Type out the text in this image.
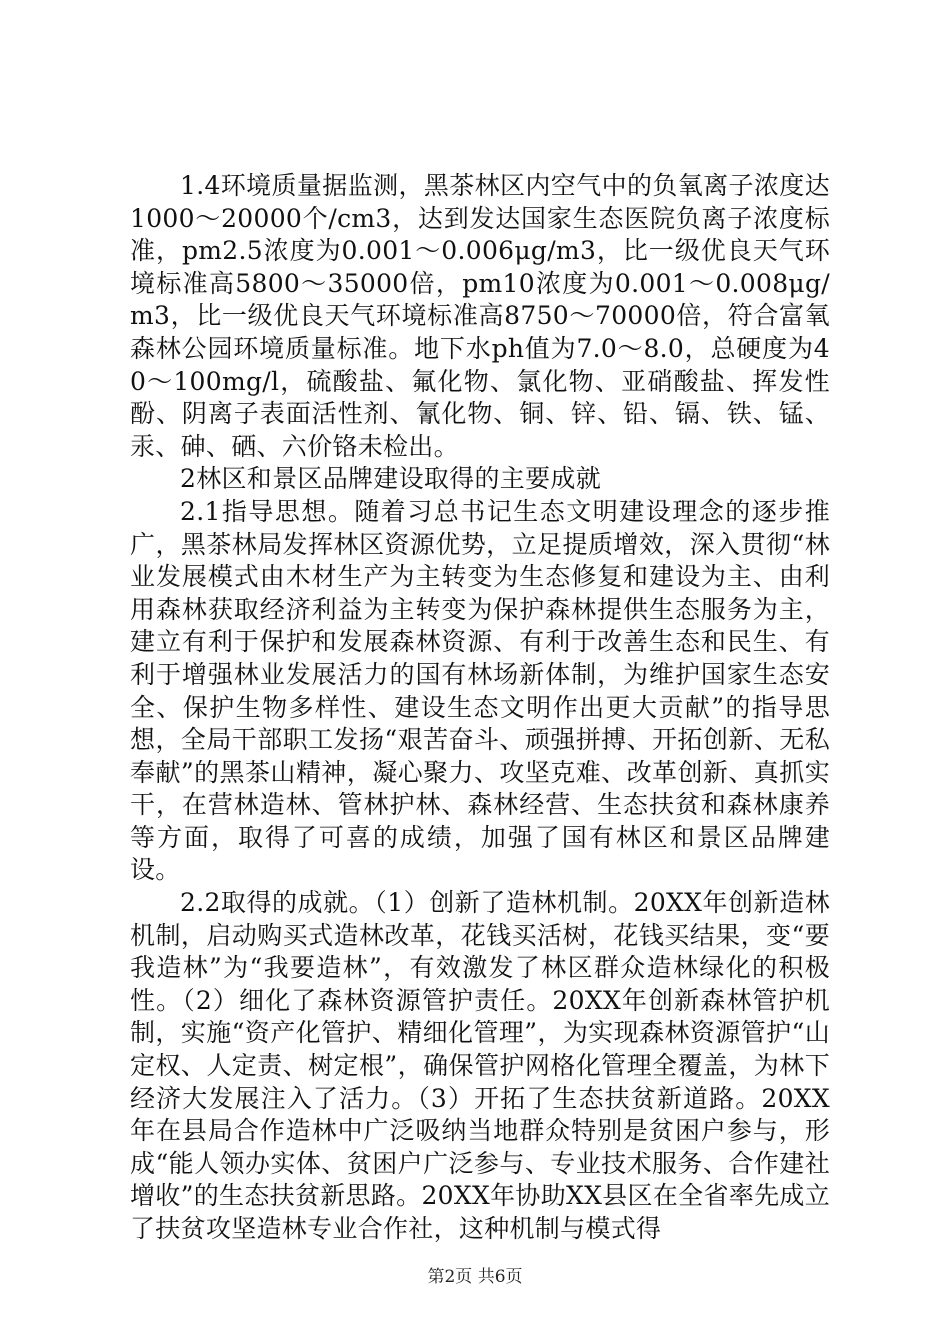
1.4环境质量据监测，黑茶林区内空气中的负氧离子浓度达1000～20000个/cm3，达到发达国家生态医院负离子浓度标准，pm2.5浓度为0.001～0.006μg/m3，比一级优良天气环境标准高5800～35000倍，pm10浓度为0.001～0.008μg/m3，比一级优良天气环境标准高8750～70000倍，符合富氧森林公园环境质量标准。地下水ph值为7.0～8.0，总硬度为40～100mg/l，硫酸盐、氟化物、氯化物、亚硝酸盐、挥发性酚、阴离子表面活性剂、氰化物、铜、锌、铅、镉、铁、锰、汞、砷、硒、六价铬未检出。

2林区和景区品牌建设取得的主要成就

2.1指导思想。随着习总书记生态文明建设理念的逐步推广，黑茶林局发挥林区资源优势，立足提质增效，深入贯彻“林业发展模式由木材生产为主转变为生态修复和建设为主、由利用森林获取经济利益为主转变为保护森林提供生态服务为主，建立有利于保护和发展森林资源、有利于改善生态和民生、有利于增强林业发展活力的国有林场新体制，为维护国家生态安全、保护生物多样性、建设生态文明作出更大贡献”的指导思想，全局干部职工发扬“艰苦奋斗、顽强拼搏、开拓创新、无私奉献”的黑茶山精神，凝心聚力、攻坚克难、改革创新、真抓实干，在营林造林、管林护林、森林经营、生态扶贫和森林康养等方面，取得了可喜的成绩，加强了国有林区和景区品牌建设。

2.2取得的成就。（1）创新了造林机制。20XX年创新造林机制，启动购买式造林改革，花钱买活树，花钱买结果，变“要我造林”为“我要造林”，有效激发了林区群众造林绿化的积极性。（2）细化了森林资源管护责任。20XX年创新森林管护机制，实施“资产化管护、精细化管理”，为实现森林资源管护“山定权、人定责、树定根”，确保管护网格化管理全覆盖，为林下经济大发展注入了活力。（3）开拓了生态扶贫新道路。20XX年在县局合作造林中广泛吸纳当地群众特别是贫困户参与，形成“能人领办实体、贫困户广泛参与、专业技术服务、合作建社增收”的生态扶贫新思路。20XX年协助XX县区在全省率先成立了扶贫攻坚造林专业合作社，这种机制与模式得

第2页 共6页
